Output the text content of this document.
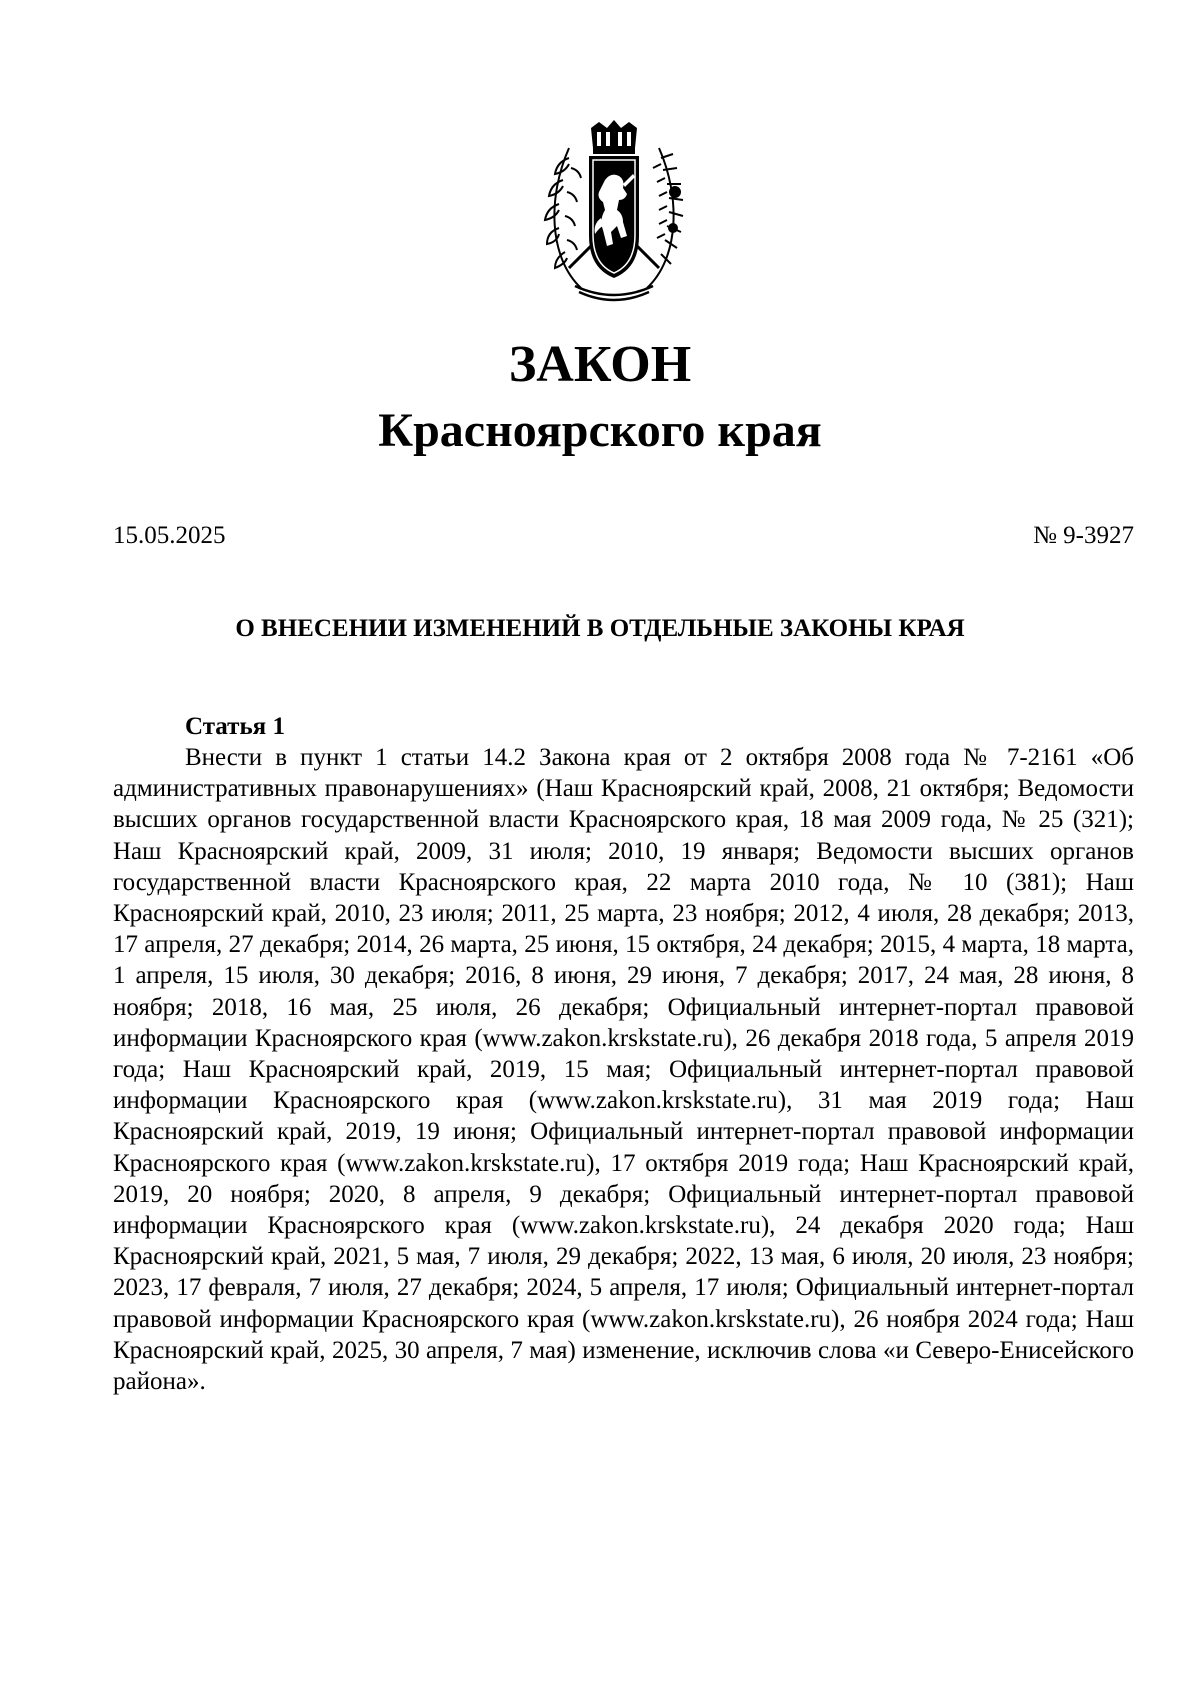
ЗАКОН
Красноярского края
15.05.2025	№ 9-3927
О ВНЕСЕНИИ ИЗМЕНЕНИЙ В ОТДЕЛЬНЫЕ ЗАКОНЫ КРАЯ
Статья 1

Внести в пункт 1 статьи 14.2 Закона края от 2 октября 2008 года № 7-2161 «Об административных правонарушениях» (Наш Красноярский край, 2008, 21 октября; Ведомости высших органов государственной власти Красноярского края, 18 мая 2009 года, № 25 (321); Наш Красноярский край, 2009, 31 июля; 2010, 19 января; Ведомости высших органов государственной власти Красноярского края, 22 марта 2010 года, № 10 (381); Наш Красноярский край, 2010, 23 июля; 2011, 25 марта, 23 ноября; 2012, 4 июля, 28 декабря; 2013, 17 апреля, 27 декабря; 2014, 26 марта, 25 июня, 15 октября, 24 декабря; 2015, 4 марта, 18 марта, 1 апреля, 15 июля, 30 декабря; 2016, 8 июня, 29 июня, 7 декабря; 2017, 24 мая, 28 июня, 8 ноября; 2018, 16 мая, 25 июля, 26 декабря; Официальный интернет-портал правовой информации Красноярского края (www.zakon.krskstate.ru), 26 декабря 2018 года, 5 апреля 2019 года; Наш Красноярский край, 2019, 15 мая; Официальный интернет-портал правовой информации Красноярского края (www.zakon.krskstate.ru), 31 мая 2019 года; Наш Красноярский край, 2019, 19 июня; Официальный интернет-портал правовой информации Красноярского края (www.zakon.krskstate.ru), 17 октября 2019 года; Наш Красноярский край, 2019, 20 ноября; 2020, 8 апреля, 9 декабря; Официальный интернет-портал правовой информации Красноярского края (www.zakon.krskstate.ru), 24 декабря 2020 года; Наш Красноярский край, 2021, 5 мая, 7 июля, 29 декабря; 2022, 13 мая, 6 июля, 20 июля, 23 ноября; 2023, 17 февраля, 7 июля, 27 декабря; 2024, 5 апреля, 17 июля; Официальный интернет-портал правовой информации Красноярского края (www.zakon.krskstate.ru), 26 ноября 2024 года; Наш Красноярский край, 2025, 30 апреля, 7 мая) изменение, исключив слова «и Северо-Енисейского района».
